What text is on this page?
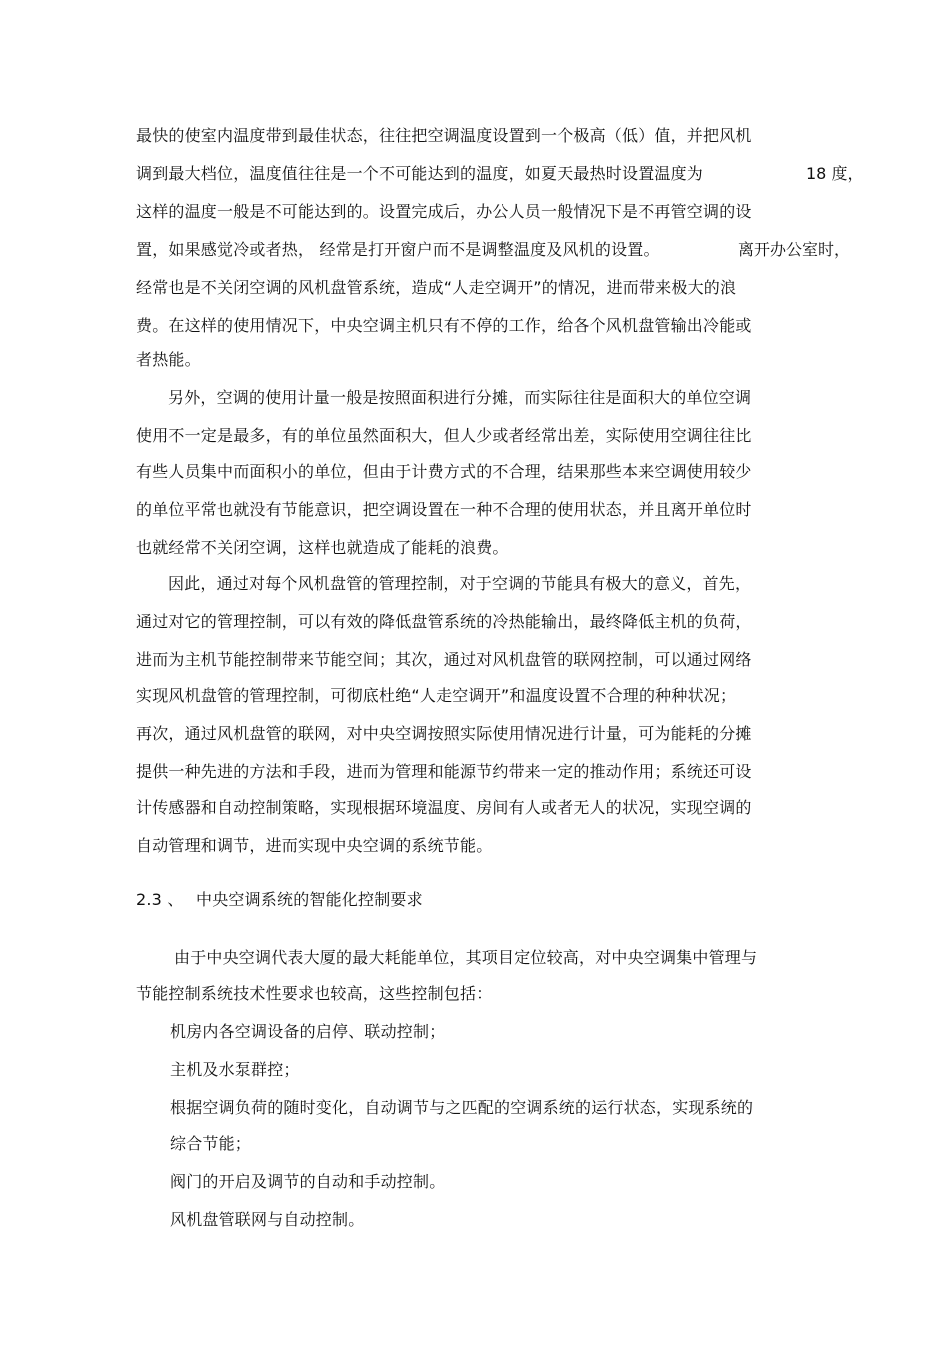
最快的使室内温度带到最佳状态，往往把空调温度设置到一个极高（低）值，并把风机
调到最大档位，温度值往往是一个不可能达到的温度，如夏天最热时设置温度为	18 度，
这样的温度一般是不可能达到的。设置完成后，办公人员一般情况下是不再管空调的设
置，如果感觉冷或者热， 经常是打开窗户而不是调整温度及风机的设置。	离开办公室时，
经常也是不关闭空调的风机盘管系统，造成“人走空调开”的情况，进而带来极大的浪
费。在这样的使用情况下，中央空调主机只有不停的工作，给各个风机盘管输出冷能或
者热能。
另外，空调的使用计量一般是按照面积进行分摊，而实际往往是面积大的单位空调
使用不一定是最多，有的单位虽然面积大，但人少或者经常出差，实际使用空调往往比
有些人员集中而面积小的单位，但由于计费方式的不合理，结果那些本来空调使用较少
的单位平常也就没有节能意识，把空调设置在一种不合理的使用状态，并且离开单位时
也就经常不关闭空调，这样也就造成了能耗的浪费。
因此，通过对每个风机盘管的管理控制，对于空调的节能具有极大的意义，首先，
通过对它的管理控制，可以有效的降低盘管系统的冷热能输出，最终降低主机的负荷，
进而为主机节能控制带来节能空间；其次，通过对风机盘管的联网控制，可以通过网络
实现风机盘管的管理控制，可彻底杜绝“人走空调开”和温度设置不合理的种种状况；
再次，通过风机盘管的联网，对中央空调按照实际使用情况进行计量，可为能耗的分摊
提供一种先进的方法和手段，进而为管理和能源节约带来一定的推动作用；系统还可设
计传感器和自动控制策略，实现根据环境温度、房间有人或者无人的状况，实现空调的
自动管理和调节，进而实现中央空调的系统节能。
2.3 、 中央空调系统的智能化控制要求
由于中央空调代表大厦的最大耗能单位，其项目定位较高，对中央空调集中管理与
节能控制系统技术性要求也较高，这些控制包括：
机房内各空调设备的启停、联动控制；
主机及水泵群控；
根据空调负荷的随时变化，自动调节与之匹配的空调系统的运行状态，实现系统的
综合节能；
阀门的开启及调节的自动和手动控制。
风机盘管联网与自动控制。
